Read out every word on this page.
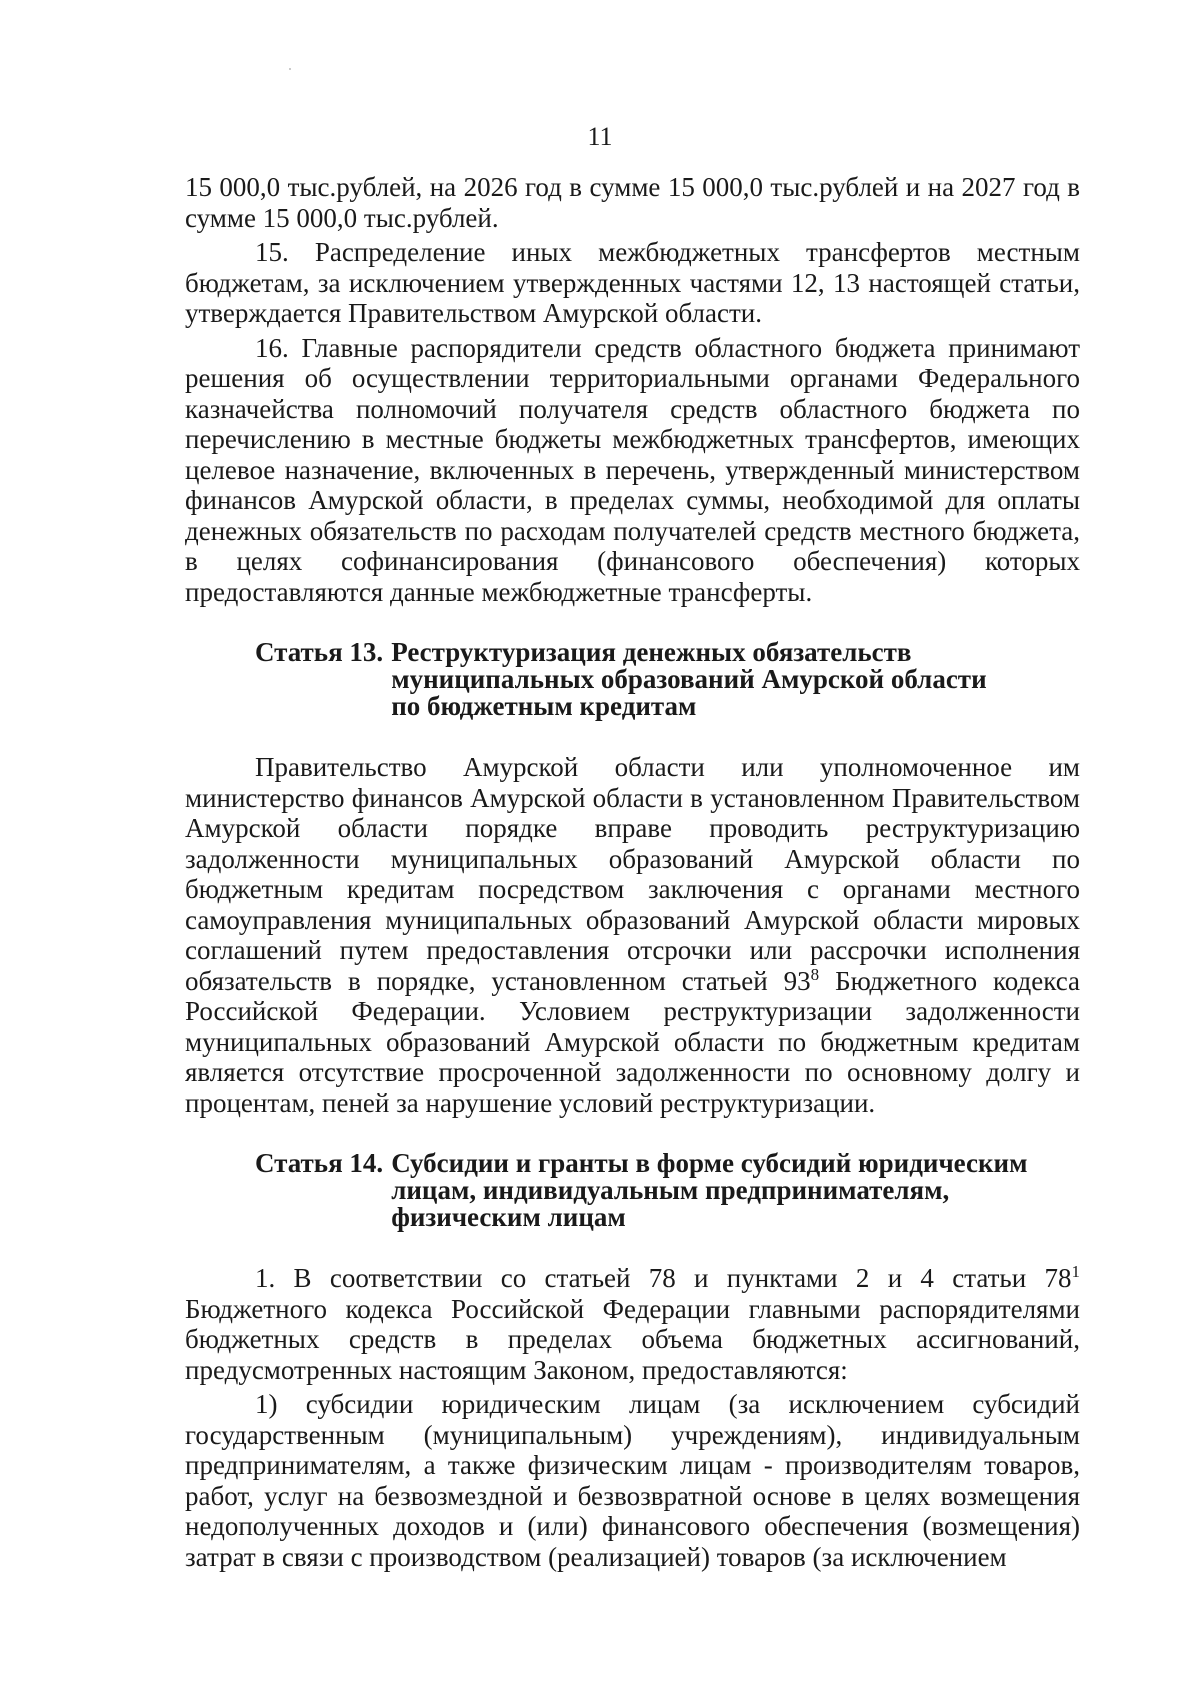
11

15 000,0 тыс.рублей, на 2026 год в сумме 15 000,0 тыс.рублей и на 2027 год в сумме 15 000,0 тыс.рублей.

15. Распределение иных межбюджетных трансфертов местным бюджетам, за исключением утвержденных частями 12, 13 настоящей статьи, утверждается Правительством Амурской области.

16. Главные распорядители средств областного бюджета принимают решения об осуществлении территориальными органами Федерального казначейства полномочий получателя средств областного бюджета по перечислению в местные бюджеты межбюджетных трансфертов, имеющих целевое назначение, включенных в перечень, утвержденный министерством финансов Амурской области, в пределах суммы, необходимой для оплаты денежных обязательств по расходам получателей средств местного бюджета, в целях софинансирования (финансового обеспечения) которых предоставляются данные межбюджетные трансферты.

Статья 13. Реструктуризация денежных обязательств
муниципальных образований Амурской области
по бюджетным кредитам

Правительство Амурской области или уполномоченное им министерство финансов Амурской области в установленном Правительством Амурской области порядке вправе проводить реструктуризацию задолженности муниципальных образований Амурской области по бюджетным кредитам посредством заключения с органами местного самоуправления муниципальных образований Амурской области мировых соглашений путем предоставления отсрочки или рассрочки исполнения обязательств в порядке, установленном статьей $93^8$ Бюджетного кодекса Российской Федерации. Условием реструктуризации задолженности муниципальных образований Амурской области по бюджетным кредитам является отсутствие просроченной задолженности по основному долгу и процентам, пеней за нарушение условий реструктуризации.

Статья 14. Субсидии и гранты в форме субсидий юридическим
лицам, индивидуальным предпринимателям,
физическим лицам

1. В соответствии со статьей 78 и пунктами 2 и 4 статьи $78^1$ Бюджетного кодекса Российской Федерации главными распорядителями бюджетных средств в пределах объема бюджетных ассигнований, предусмотренных настоящим Законом, предоставляются:

1) субсидии юридическим лицам (за исключением субсидий государственным (муниципальным) учреждениям), индивидуальным предпринимателям, а также физическим лицам - производителям товаров, работ, услуг на безвозмездной и безвозвратной основе в целях возмещения недополученных доходов и (или) финансового обеспечения (возмещения) затрат в связи с производством (реализацией) товаров (за исключением
